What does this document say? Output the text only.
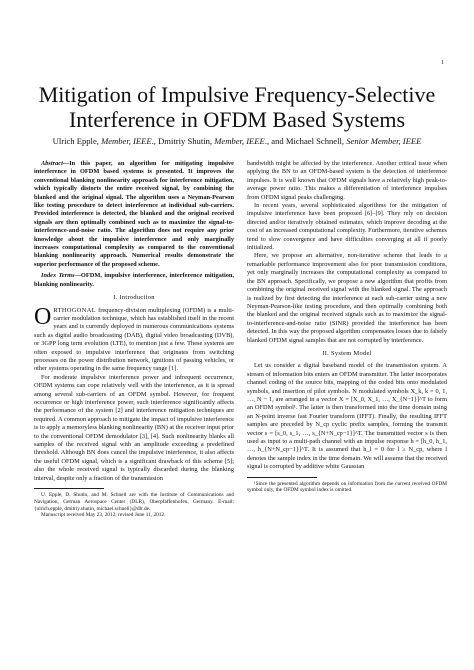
1
Mitigation of Impulsive Frequency-Selective
Interference in OFDM Based Systems
Ulrich Epple, Member, IEEE., Dmitriy Shutin, Member, IEEE., and Michael Schnell, Senior Member, IEEE

Abstract—In this paper, an algorithm for mitigating impulsive interference in OFDM based systems is presented. It improves the conventional blanking nonlinearity approach for interference mitigation, which typically distorts the entire received signal, by combining the blanked and the original signal. The algorithm uses a Neyman-Pearson like testing procedure to detect interference at individual sub-carriers. Provided interference is detected, the blanked and the original received signals are then optimally combined such as to maximize the signal-to-interference-and-noise ratio. The algorithm does not require any prior knowledge about the impulsive interference and only marginally increases computational complexity as compared to the conventional blanking nonlinearity approach. Numerical results demonstrate the superior performance of the proposed scheme.

Index Terms—OFDM, impulsive interference, interference mitigation, blanking nonlinearity.

I. Introduction

ORTHOGONAL frequency-division multiplexing (OFDM) is a multi-carrier modulation technique, which has established itself in the recent years and is currently deployed in numerous communications systems such as digital audio broadcasting (DAB), digital video broadcasting (DVB), or 3GPP long term evolution (LTE), to mention just a few. These systems are often exposed to impulsive interference that originates from switching processes on the power distribution network, ignitions of passing vehicles, or other systems operating in the same frequency range [1].

For moderate impulsive interference power and infrequent occurrence, OFDM systems can cope relatively well with the interference, as it is spread among several sub-carriers of an OFDM symbol. However, for frequent occurrence or high interference power, such interference significantly affects the performance of the system [2] and interference mitigation techniques are required. A common approach to mitigate the impact of impulsive interference is to apply a memoryless blanking nonlinearity (BN) at the receiver input prior to the conventional OFDM demodulator [3], [4]. Such nonlinearity blanks all samples of the received signal with an amplitude exceeding a predefined threshold. Although BN does cancel the impulsive interference, it also affects the useful OFDM signal, which is a significant drawback of this scheme [5]; also the whole received signal is typically discarded during the blanking interval, despite only a fraction of the transmission

U. Epple, D. Shutin, and M. Schnell are with the Institute of Communications and Navigation, German Aerospace Center (DLR), Oberpfaffenhofen, Germany. E-mail: {ulrich.epple, dmitriy.shutin, michael.schnell}@dlr.de.

Manuscript received May 23, 2012; revised June 11, 2012.

bandwidth might be affected by the interference. Another critical issue when applying the BN to an OFDM-based system is the detection of interference impulses. It is well known that OFDM signals have a relatively high peak-to-average power ratio. This makes a differentiation of interference impulses from OFDM signal peaks challenging.

In recent years, several sophisticated algorithms for the mitigation of impulsive interference have been proposed [6]–[9]. They rely on decision directed and/or iteratively obtained estimates, which improve decoding at the cost of an increased computational complexity. Furthermore, iterative schemes tend to slow convergence and have difficulties converging at all if poorly initialized.

Here, we propose an alternative, non-iterative scheme that leads to a remarkable performance improvement also for poor transmission conditions, yet only marginally increases the computational complexity as compared to the BN approach. Specifically, we propose a new algorithm that profits from combining the original received signal with the blanked signal. The approach is realized by first detecting the interference at each sub-carrier using a new Neyman-Pearson-like testing procedure, and then optimally combining both the blanked and the original received signals such as to maximize the signal-to-interference-and-noise ratio (SINR) provided the interference has been detected. In this way the proposed algorithm compensates losses due to falsely blanked OFDM signal samples that are not corrupted by interference.

II. System Model

Let us consider a digital baseband model of the transmission system. A stream of information bits enters an OFDM transmitter. The latter incorporates channel coding of the source bits, mapping of the coded bits onto modulated symbols, and insertion of pilot symbols. N modulated symbols X_k, k = 0, 1, …, N − 1, are arranged in a vector X = [X_0, X_1, …, X_{N−1}]^T to form an OFDM symbol¹. The latter is then transformed into the time domain using an N-point inverse fast Fourier transform (IFFT). Finally, the resulting IFFT samples are preceded by N_cp cyclic prefix samples, forming the transmit vector s = [s_0, s_1, …, s_{N+N_cp−1}]^T. The transmitted vector s is then used as input to a multi-path channel with an impulse response h = [h_0, h_1, …, h_{N+N_cp−1}]^T. It is assumed that h_l = 0 for l ≥ N_cp, where l denotes the sample index in the time domain. We will assume that the received signal is corrupted by additive white Gaussian

¹Since the presented algorithm depends on information from the current received OFDM symbol only, the OFDM symbol index is omitted.
